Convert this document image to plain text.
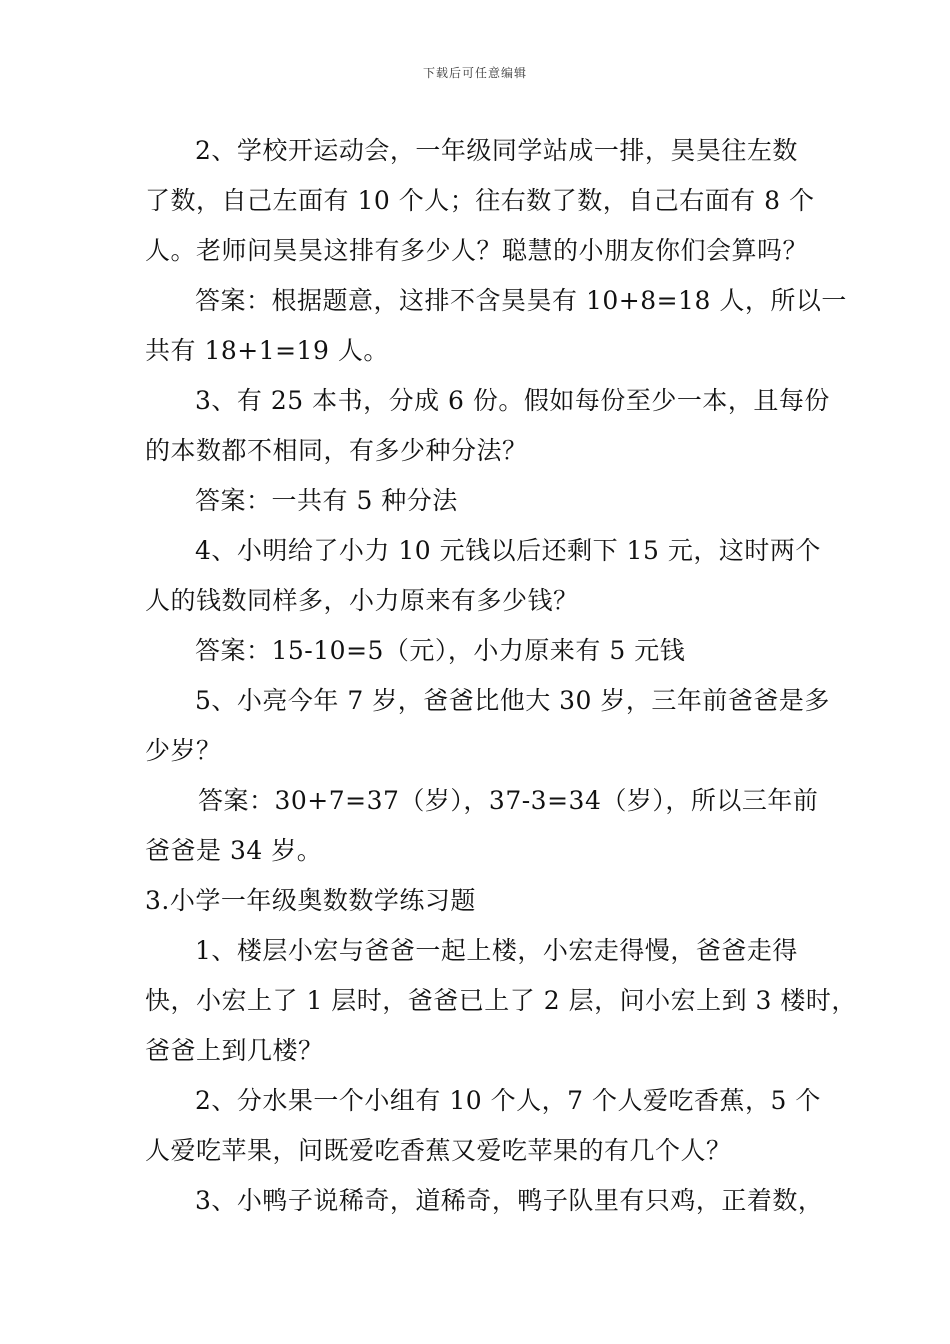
下载后可任意编辑
2、学校开运动会，一年级同学站成一排，昊昊往左数
了数，自己左面有 10 个人；往右数了数，自己右面有 8 个
人。老师问昊昊这排有多少人？聪慧的小朋友你们会算吗？
答案：根据题意，这排不含昊昊有 10+8=18 人，所以一
共有 18+1=19 人。
3、有 25 本书，分成 6 份。假如每份至少一本，且每份
的本数都不相同，有多少种分法？
答案：一共有 5 种分法
4、小明给了小力 10 元钱以后还剩下 15 元，这时两个
人的钱数同样多，小力原来有多少钱？
答案：15-10=5（元），小力原来有 5 元钱
5、小亮今年 7 岁，爸爸比他大 30 岁，三年前爸爸是多
少岁？
答案：30+7=37（岁），37-3=34（岁），所以三年前
爸爸是 34 岁。
3.小学一年级奥数数学练习题
1、楼层小宏与爸爸一起上楼，小宏走得慢，爸爸走得
快，小宏上了 1 层时，爸爸已上了 2 层，问小宏上到 3 楼时，
爸爸上到几楼？
2、分水果一个小组有 10 个人，7 个人爱吃香蕉，5 个
人爱吃苹果，问既爱吃香蕉又爱吃苹果的有几个人？
3、小鸭子说稀奇，道稀奇，鸭子队里有只鸡，正着数，
